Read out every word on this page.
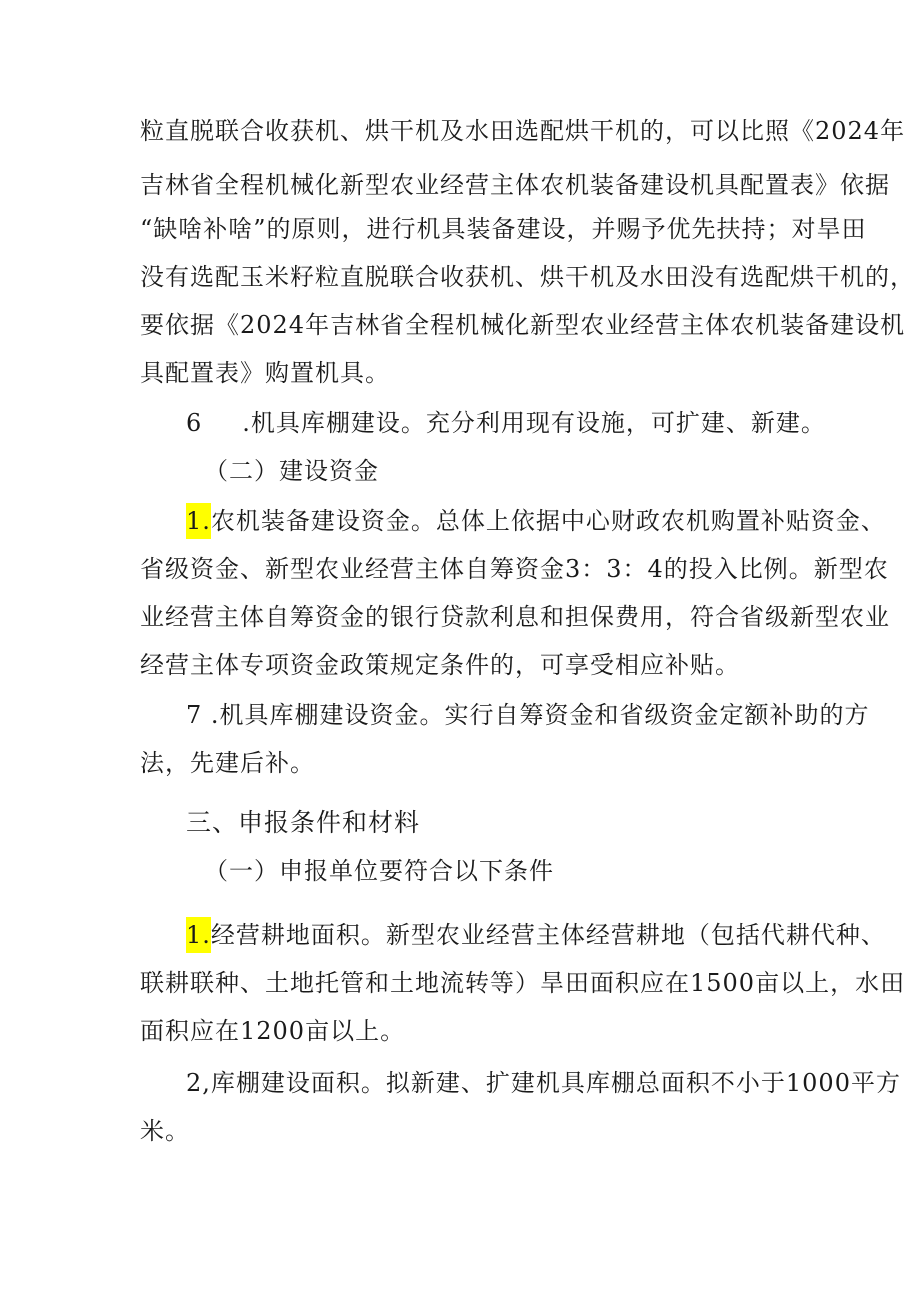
粒直脱联合收获机、烘干机及水田选配烘干机的，可以比照《2024年
吉林省全程机械化新型农业经营主体农机装备建设机具配置表》依据
“缺啥补啥”的原则，进行机具装备建设，并赐予优先扶持；对旱田
没有选配玉米籽粒直脱联合收获机、烘干机及水田没有选配烘干机的，
要依据《2024年吉林省全程机械化新型农业经营主体农机装备建设机
具配置表》购置机具。
6 .机具库棚建设。充分利用现有设施，可扩建、新建。
（二）建设资金
1.农机装备建设资金。总体上依据中心财政农机购置补贴资金、
省级资金、新型农业经营主体自筹资金3：3：4的投入比例。新型农
业经营主体自筹资金的银行贷款利息和担保费用，符合省级新型农业
经营主体专项资金政策规定条件的，可享受相应补贴。
7 .机具库棚建设资金。实行自筹资金和省级资金定额补助的方
法，先建后补。
三、申报条件和材料
（一）申报单位要符合以下条件
1.经营耕地面积。新型农业经营主体经营耕地（包括代耕代种、
联耕联种、土地托管和土地流转等）旱田面积应在1500亩以上，水田
面积应在1200亩以上。
2,库棚建设面积。拟新建、扩建机具库棚总面积不小于1000平方
米。
